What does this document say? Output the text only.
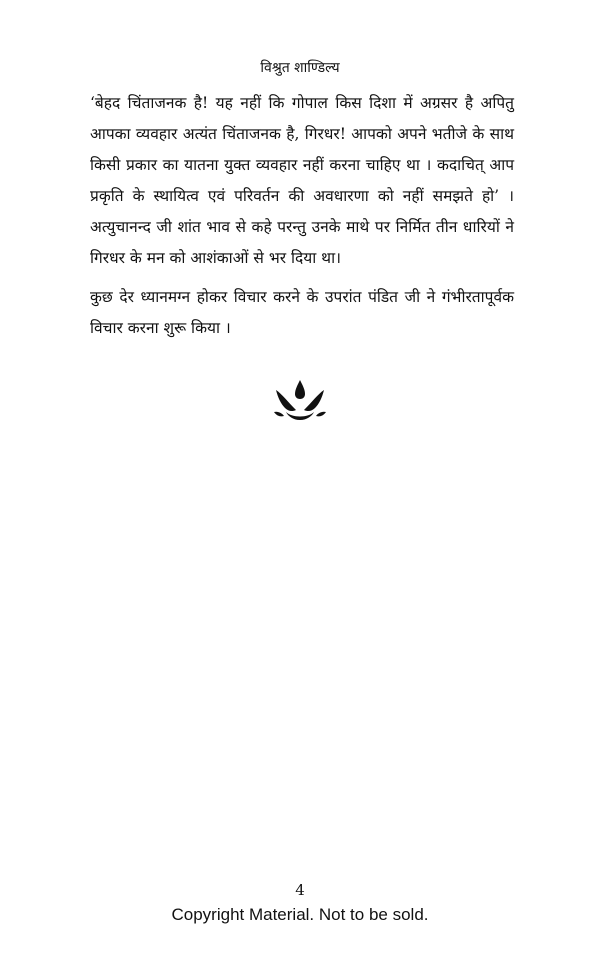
विश्रुत शाण्डिल्य

‘बेहद चिंताजनक है! यह नहीं कि गोपाल किस दिशा में अग्रसर है अपितु आपका व्यवहार अत्यंत चिंताजनक है, गिरधर! आपको अपने भतीजे के साथ किसी प्रकार का यातना युक्त व्यवहार नहीं करना चाहिए था । कदाचित् आप प्रकृति के स्थायित्व एवं परिवर्तन की अवधारणा को नहीं समझते हो’ । अत्युचानन्द जी शांत भाव से कहे परन्तु उनके माथे पर निर्मित तीन धारियों ने गिरधर के मन को आशंकाओं से भर दिया था।

कुछ देर ध्यानमग्न होकर विचार करने के उपरांत पंडित जी ने गंभीरतापूर्वक विचार करना शुरू किया ।

4
Copyright Material. Not to be sold.
